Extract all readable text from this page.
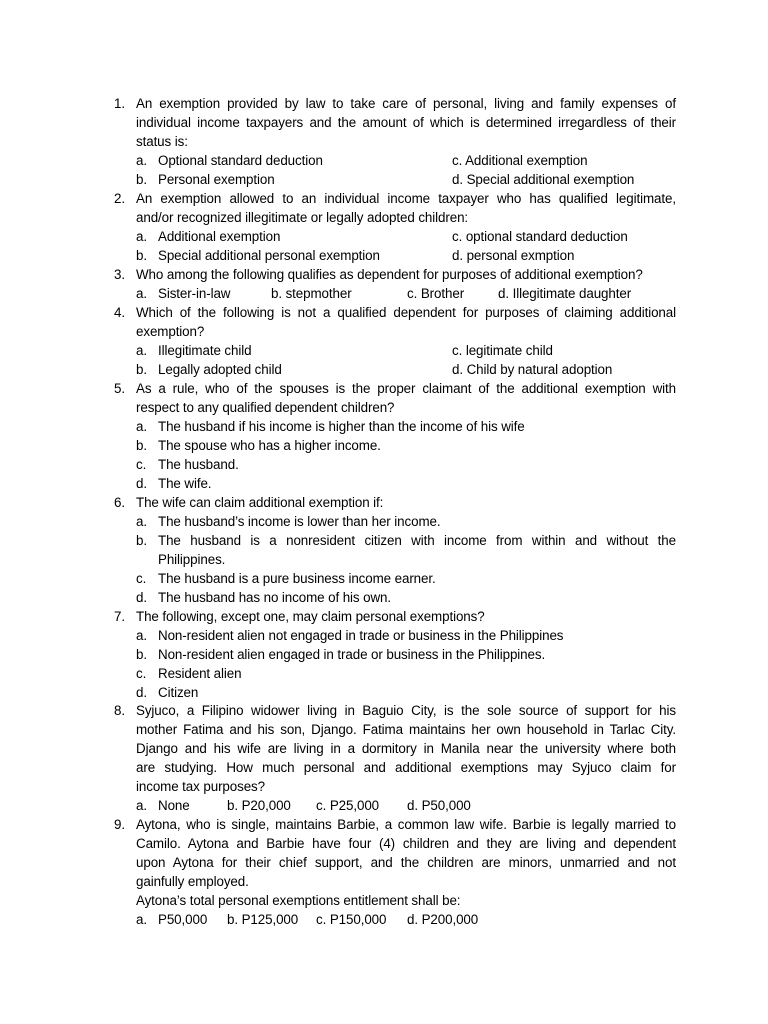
1. An exemption provided by law to take care of personal, living and family expenses of
individual income taxpayers and the amount of which is determined irregardless of their
status is:
a. Optional standard deduction	c. Additional exemption
b. Personal exemption	d. Special additional exemption
2. An exemption allowed to an individual income taxpayer who has qualified legitimate,
and/or recognized illegitimate or legally adopted children:
a. Additional exemption	c. optional standard deduction
b. Special additional personal exemption	d. personal exmption
3. Who among the following qualifies as dependent for purposes of additional exemption?
a. Sister-in-law	b. stepmother	c. Brother	d. Illegitimate daughter
4. Which of the following is not a qualified dependent for purposes of claiming additional
exemption?
a. Illegitimate child	c. legitimate child
b. Legally adopted child	d. Child by natural adoption
5. As a rule, who of the spouses is the proper claimant of the additional exemption with
respect to any qualified dependent children?
a. The husband if his income is higher than the income of his wife
b. The spouse who has a higher income.
c. The husband.
d. The wife.
6. The wife can claim additional exemption if:
a. The husband’s income is lower than her income.
b. The husband is a nonresident citizen with income from within and without the
Philippines.
c. The husband is a pure business income earner.
d. The husband has no income of his own.
7. The following, except one, may claim personal exemptions?
a. Non-resident alien not engaged in trade or business in the Philippines
b. Non-resident alien engaged in trade or business in the Philippines.
c. Resident alien
d. Citizen
8. Syjuco, a Filipino widower living in Baguio City, is the sole source of support for his
mother Fatima and his son, Django. Fatima maintains her own household in Tarlac City.
Django and his wife are living in a dormitory in Manila near the university where both
are studying. How much personal and additional exemptions may Syjuco claim for
income tax purposes?
a. None	b. P20,000 c. P25,000 d. P50,000
9. Aytona, who is single, maintains Barbie, a common law wife. Barbie is legally married to
Camilo. Aytona and Barbie have four (4) children and they are living and dependent
upon Aytona for their chief support, and the children are minors, unmarried and not
gainfully employed.
Aytona’s total personal exemptions entitlement shall be:
a. P50,000 b. P125,000 c. P150,000 d. P200,000
